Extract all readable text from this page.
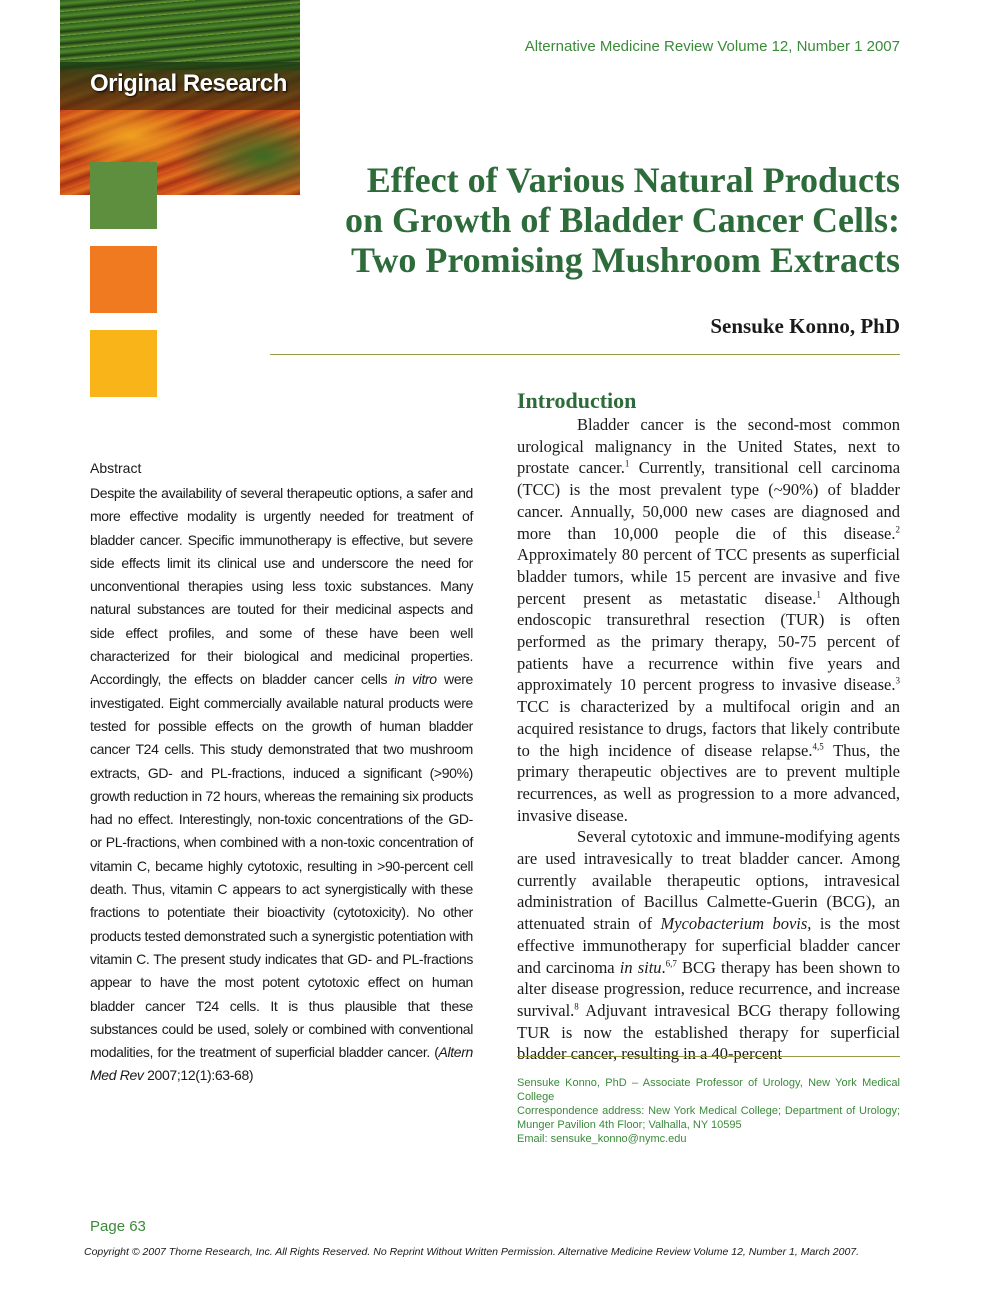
Original Research
Alternative Medicine Review Volume 12, Number 1 2007
Effect of Various Natural Products
on Growth of Bladder Cancer Cells:
Two Promising Mushroom Extracts
Sensuke Konno, PhD
Abstract
Despite the availability of several therapeutic options, a safer and more effective modality is urgently needed for treatment of bladder cancer. Specific immunotherapy is effective, but severe side effects limit its clinical use and underscore the need for unconventional therapies using less toxic substances. Many natural substances are touted for their medicinal aspects and side effect profiles, and some of these have been well characterized for their biological and medicinal properties. Accordingly, the effects on bladder cancer cells in vitro were investigated. Eight commercially available natural products were tested for possible effects on the growth of human bladder cancer T24 cells. This study demonstrated that two mushroom extracts, GD- and PL-fractions, induced a significant (>90%) growth reduction in 72 hours, whereas the remaining six products had no effect. Interestingly, non-toxic concentrations of the GD- or PL-fractions, when combined with a non-toxic concentration of vitamin C, became highly cytotoxic, resulting in >90-percent cell death. Thus, vitamin C appears to act synergistically with these fractions to potentiate their bioactivity (cytotoxicity). No other products tested demonstrated such a synergistic potentiation with vitamin C. The present study indicates that GD- and PL-fractions appear to have the most potent cytotoxic effect on human bladder cancer T24 cells. It is thus plausible that these substances could be used, solely or combined with conventional modalities, for the treatment of superficial bladder cancer. (Altern Med Rev 2007;12(1):63-68)
Introduction

Bladder cancer is the second-most common urological malignancy in the United States, next to prostate cancer.$^1$ Currently, transitional cell carcinoma (TCC) is the most prevalent type (~90%) of bladder cancer. Annually, 50,000 new cases are diagnosed and more than 10,000 people die of this disease.$^2$ Approximately 80 percent of TCC presents as superficial bladder tumors, while 15 percent are invasive and five percent present as metastatic disease.$^1$ Although endoscopic transurethral resection (TUR) is often performed as the primary therapy, 50-75 percent of patients have a recurrence within five years and approximately 10 percent progress to invasive disease.$^3$ TCC is characterized by a multifocal origin and an acquired resistance to drugs, factors that likely contribute to the high incidence of disease relapse.$^{4,5}$ Thus, the primary therapeutic objectives are to prevent multiple recurrences, as well as progression to a more advanced, invasive disease.

Several cytotoxic and immune-modifying agents are used intravesically to treat bladder cancer. Among currently available therapeutic options, intravesical administration of Bacillus Calmette-Guerin (BCG), an attenuated strain of Mycobacterium bovis, is the most effective immunotherapy for superficial bladder cancer and carcinoma in situ.$^{6,7}$ BCG therapy has been shown to alter disease progression, reduce recurrence, and increase survival.$^8$ Adjuvant intravesical BCG therapy following TUR is now the established therapy for superficial bladder cancer, resulting in a 40-percent

Sensuke Konno, PhD – Associate Professor of Urology, New York Medical College
Correspondence address: New York Medical College; Department of Urology; Munger Pavilion 4th Floor; Valhalla, NY 10595
Email: sensuke_konno@nymc.edu
Page 63
Copyright © 2007 Thorne Research, Inc. All Rights Reserved. No Reprint Without Written Permission. Alternative Medicine Review Volume 12, Number 1, March 2007.
